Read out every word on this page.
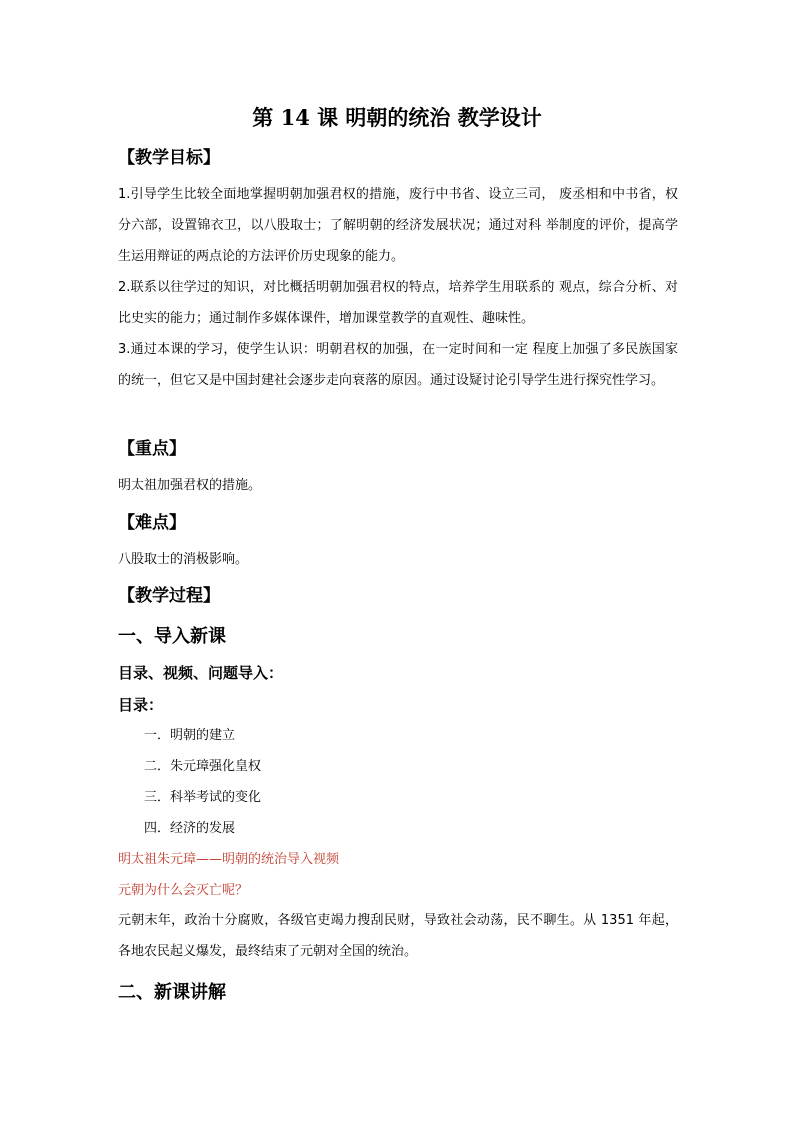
第 14 课 明朝的统治 教学设计
【教学目标】

1.引导学生比较全面地掌握明朝加强君权的措施，废行中书省、设立三司， 废丞相和中书省，权分六部，设置锦衣卫，以八股取士；了解明朝的经济发展状况；通过对科 举制度的评价，提高学生运用辩证的两点论的方法评价历史现象的能力。

2.联系以往学过的知识，对比概括明朝加强君权的特点，培养学生用联系的 观点，综合分析、对比史实的能力；通过制作多媒体课件，增加课堂教学的直观性、趣味性。

3.通过本课的学习，使学生认识：明朝君权的加强，在一定时间和一定 程度上加强了多民族国家的统一，但它又是中国封建社会逐步走向衰落的原因。通过设疑讨论引导学生进行探究性学习。

【重点】
明太祖加强君权的措施。
【难点】
八股取士的消极影响。
【教学过程】
一、导入新课
目录、视频、问题导入：
目录：
一．明朝的建立
二．朱元璋强化皇权
三．科举考试的变化
四．经济的发展
明太祖朱元璋——明朝的统治导入视频
元朝为什么会灭亡呢？

元朝末年，政治十分腐败，各级官吏竭力搜刮民财，导致社会动荡，民不聊生。从 1351 年起，各地农民起义爆发，最终结束了元朝对全国的统治。

二、新课讲解
